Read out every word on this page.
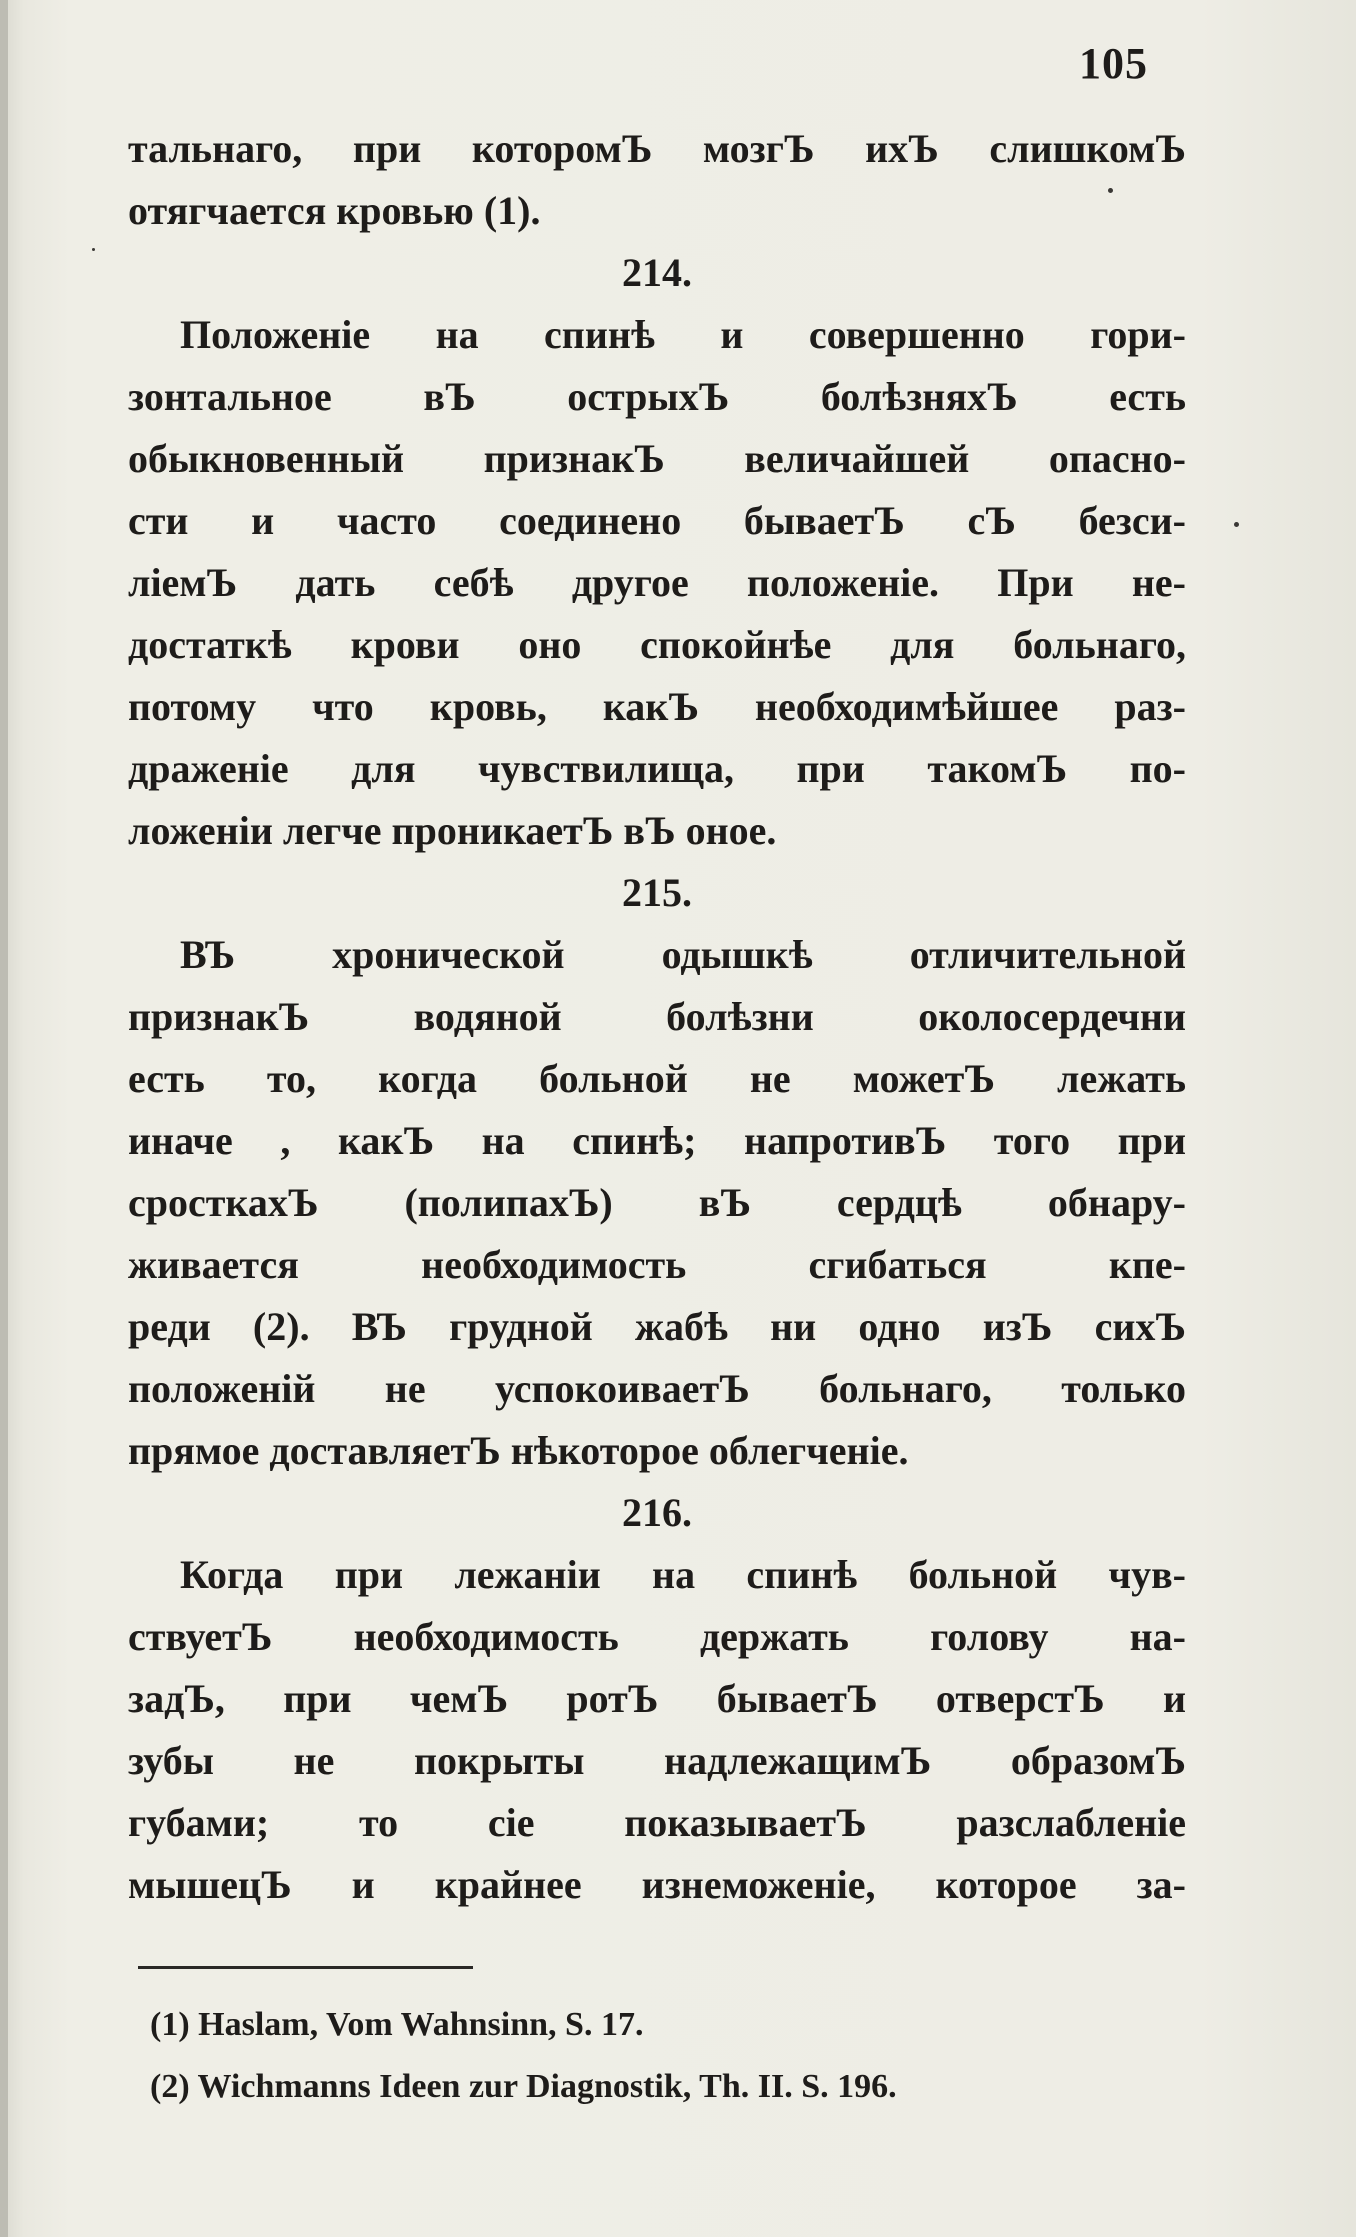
105
тальнаго, при которомЪ мозгЪ ихЪ слишкомЪ
отягчается кровью (1).
214.
Положеніе на спинѣ и совершенно гори-
зонтальное вЪ острыхЪ болѣзняхЪ есть
обыкновенный признакЪ величайшей опасно-
сти и часто соединено бываетЪ сЪ безси-
ліемЪ дать себѣ другое положеніе. При не-
достаткѣ крови оно спокойнѣе для больнаго,
потому что кровь, какЪ необходимѣйшее раз-
драженіе для чувствилища, при такомЪ по-
ложеніи легче проникаетЪ вЪ оное.
215.
ВЪ хронической одышкѣ отличительной
признакЪ водяной болѣзни околосердечни
есть то, когда больной не можетЪ лежать
иначе , какЪ на спинѣ; напротивЪ того при
сросткахЪ (полипахЪ) вЪ сердцѣ обнару-
живается необходимость сгибаться кпе-
реди (2). ВЪ грудной жабѣ ни одно изЪ сихЪ
положеній не успокоиваетЪ больнаго, только
прямое доставляетЪ нѣкоторое облегченіе.
216.
Когда при лежаніи на спинѣ больной чув-
ствуетЪ необходимость держать голову на-
задЪ, при чемЪ ротЪ бываетЪ отверстЪ и
зубы не покрыты надлежащимЪ образомЪ
губами; то сіе показываетЪ разслабленіе
мышецЪ и крайнее изнеможеніе, которое за-
(1) Haslam, Vom Wahnsinn, S. 17.
(2) Wichmanns Ideen zur Diagnostik, Th. II. S. 196.
